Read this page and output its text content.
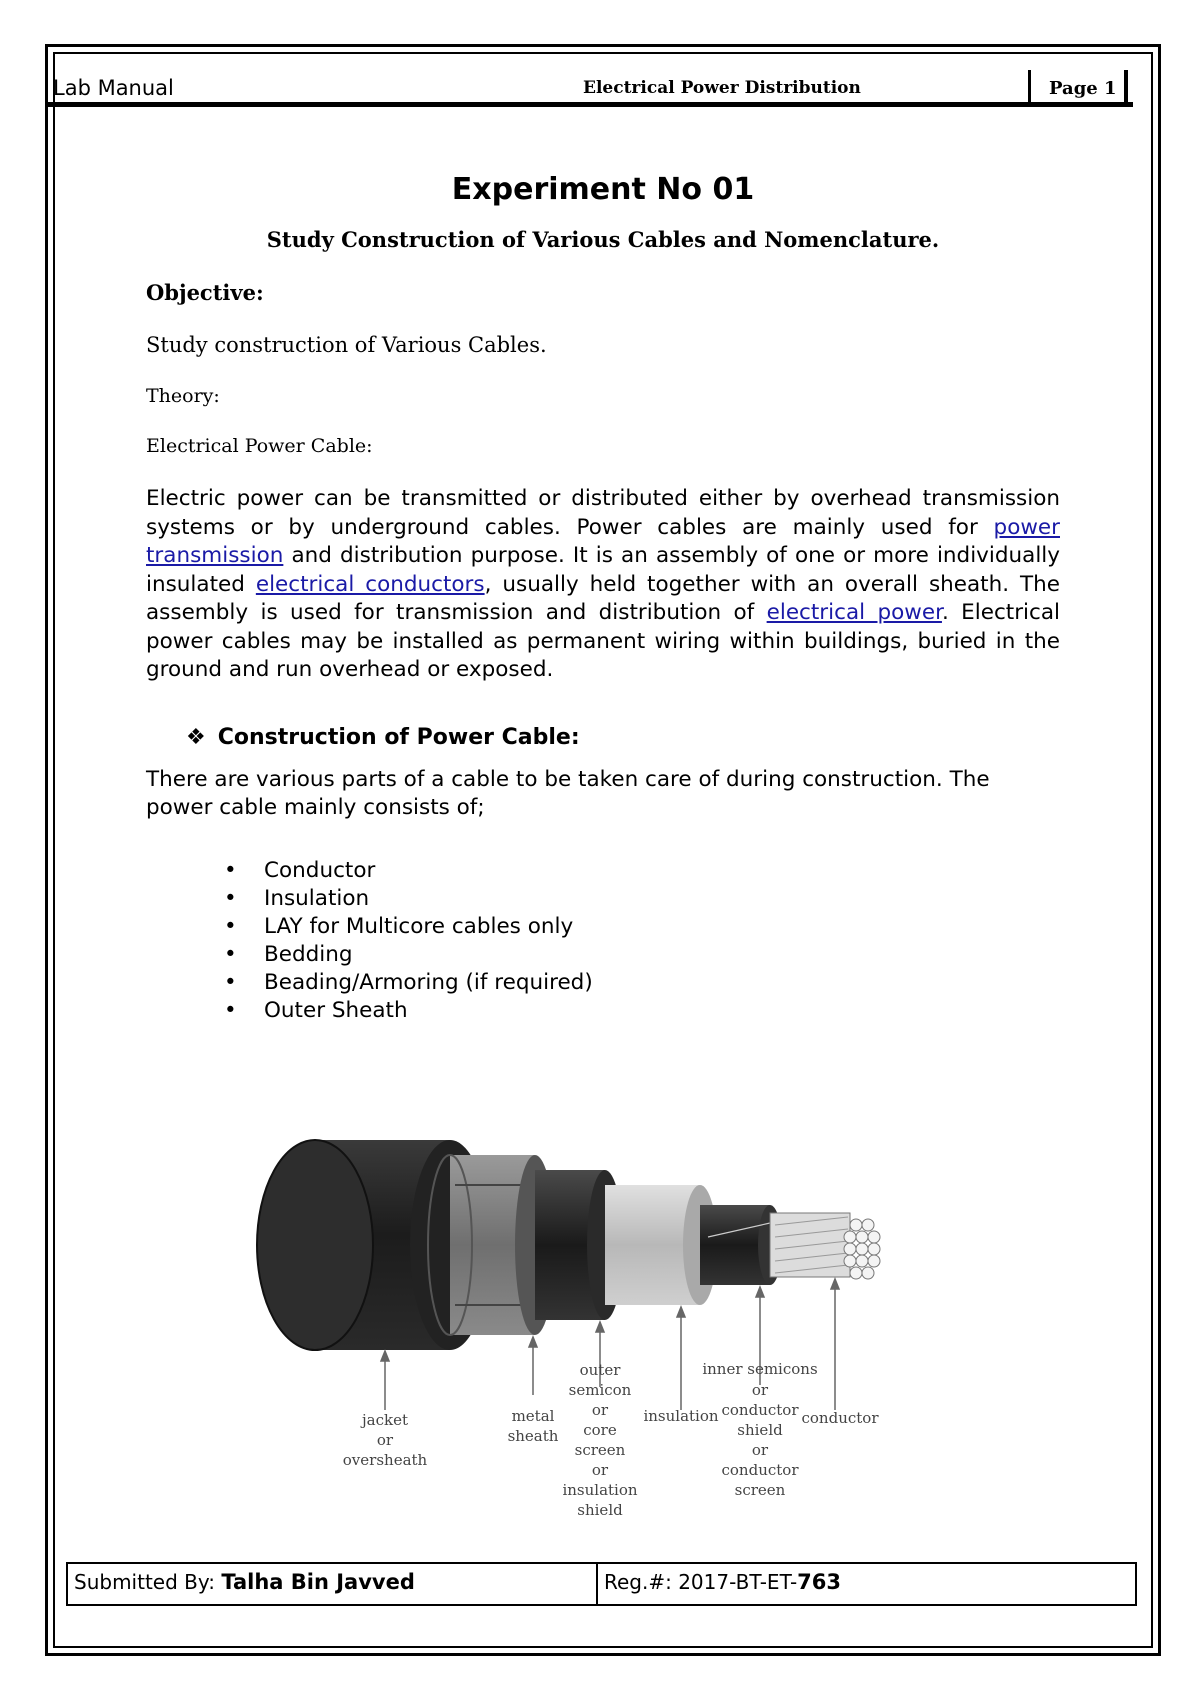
Lab Manual	Electrical Power Distribution	Page 1
Experiment No 01
Study Construction of Various Cables and Nomenclature.
Objective:
Study construction of Various Cables.
Theory:
Electrical Power Cable:
Electric power can be transmitted or distributed either by overhead transmission systems or by underground cables. Power cables are mainly used for power transmission and distribution purpose. It is an assembly of one or more individually insulated electrical conductors, usually held together with an overall sheath. The assembly is used for transmission and distribution of electrical power. Electrical power cables may be installed as permanent wiring within buildings, buried in the ground and run overhead or exposed.
❖ Construction of Power Cable:
There are various parts of a cable to be taken care of during construction. The power cable mainly consists of;
• Conductor
• Insulation
• LAY for Multicore cables only
• Bedding
• Beading/Armoring (if required)
• Outer Sheath
jacket or oversheath
metal sheath
outer semicon or core screen or insulation shield
insulation
inner semicons or conductor shield or conductor screen
conductor
Submitted By: Talha Bin Javved	Reg.#: 2017-BT-ET-763
